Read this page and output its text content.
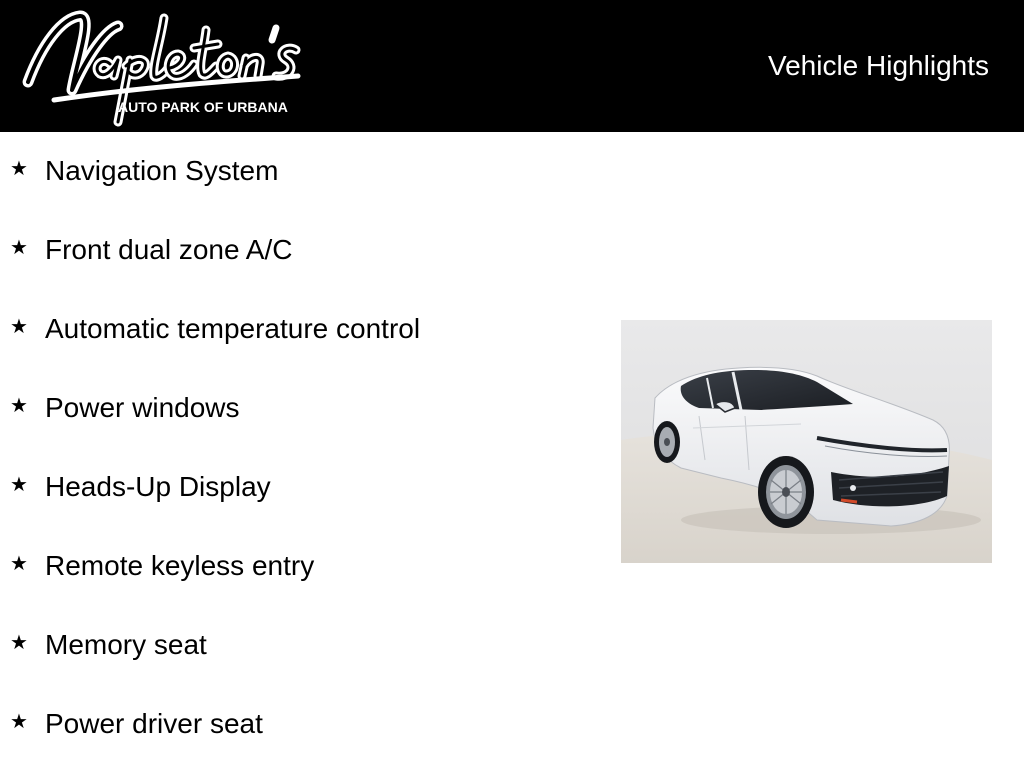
AUTO PARK OF URBANA
Vehicle Highlights
★ Navigation System
★ Front dual zone A/C
★ Automatic temperature control
★ Power windows
★ Heads-Up Display
★ Remote keyless entry
★ Memory seat
★ Power driver seat
